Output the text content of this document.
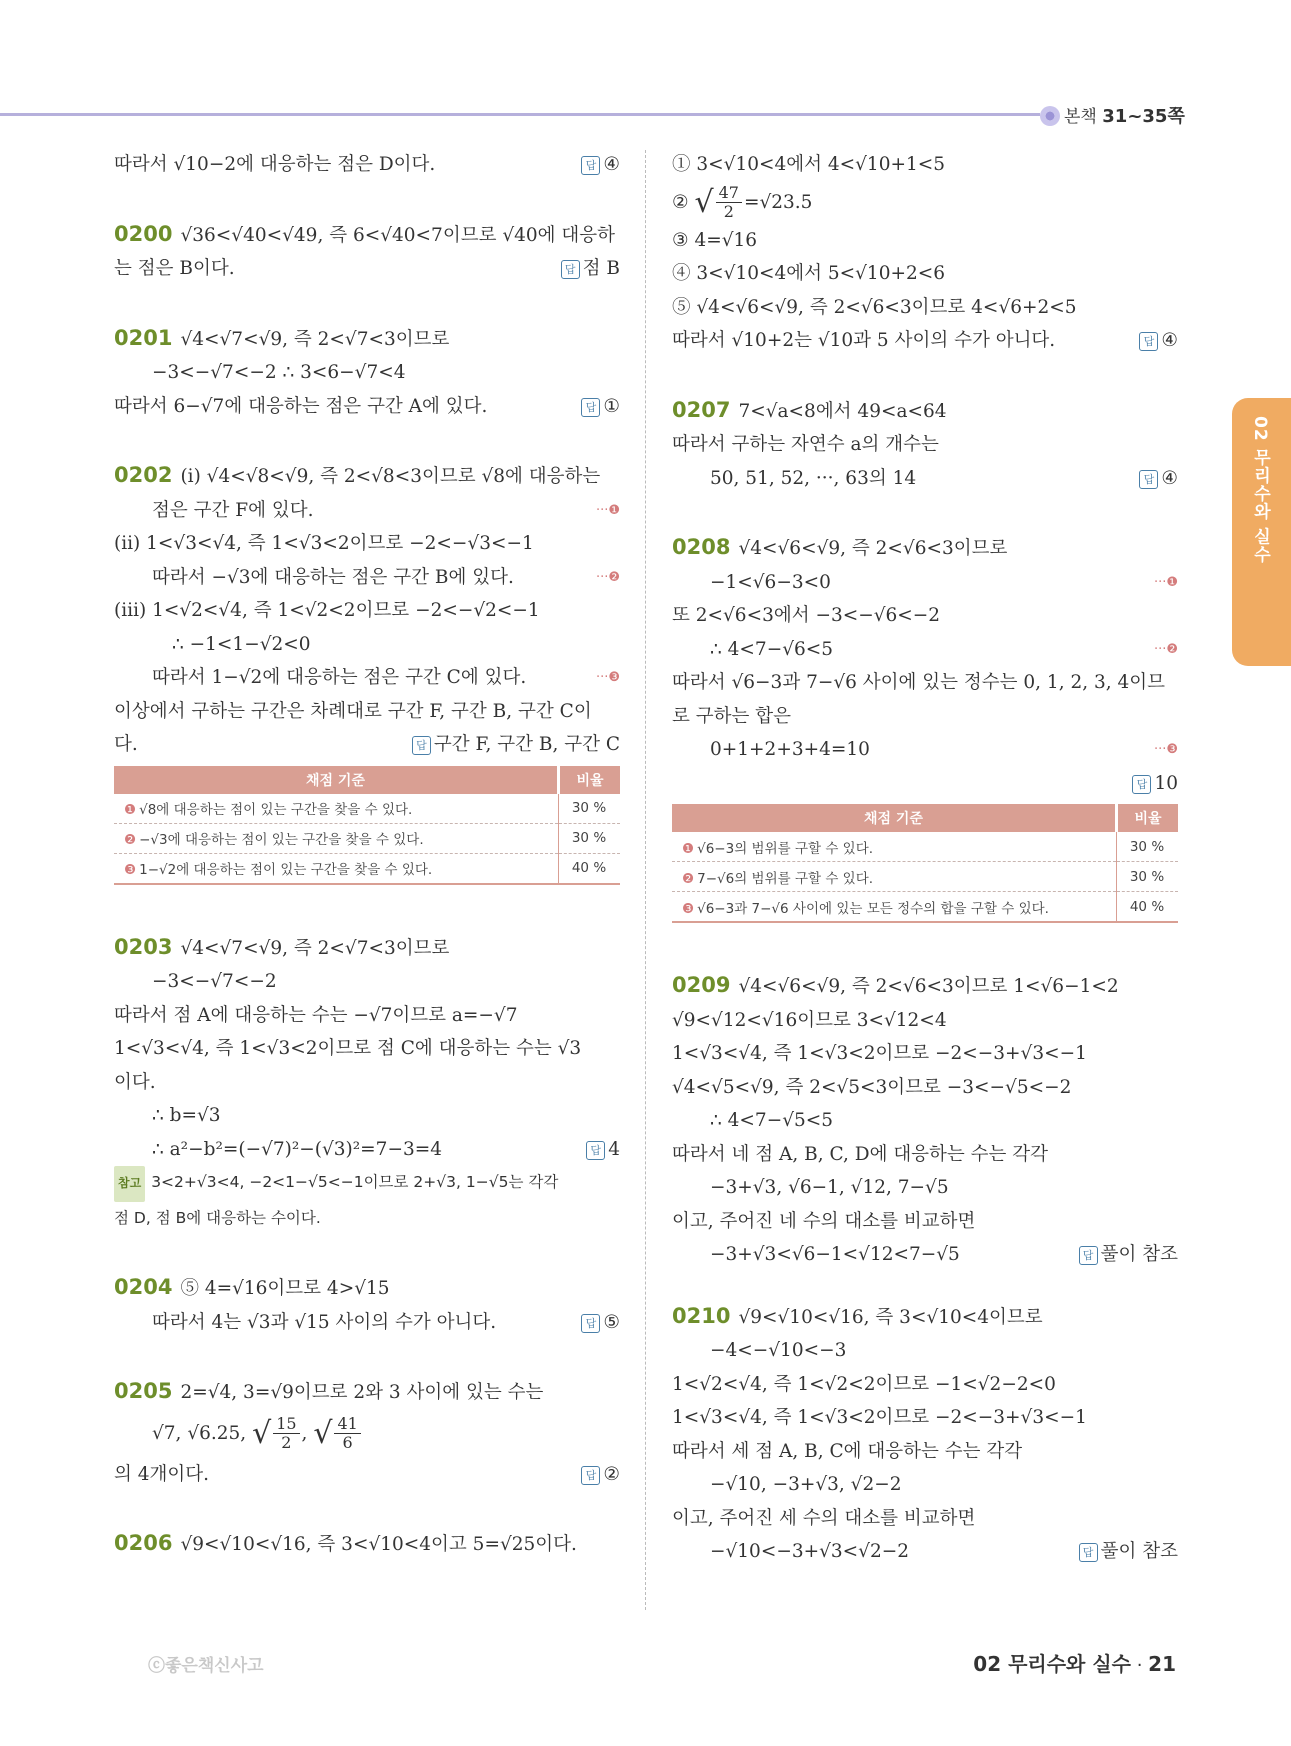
본책 31~35쪽
02 무리수와 실수
따라서 √10−2에 대응하는 점은 D이다.	답 ④
0200 √36<√40<√49, 즉 6<√40<7이므로 √40에 대응하
는 점은 B이다.	답 점 B
0201 √4<√7<√9, 즉 2<√7<3이므로
−3<−√7<−2 ∴ 3<6−√7<4
따라서 6−√7에 대응하는 점은 구간 A에 있다.	답 ①
0202 (ⅰ) √4<√8<√9, 즉 2<√8<3이므로 √8에 대응하는
점은 구간 F에 있다.	···❶
(ⅱ) 1<√3<√4, 즉 1<√3<2이므로 −2<−√3<−1
따라서 −√3에 대응하는 점은 구간 B에 있다.	···❷
(ⅲ) 1<√2<√4, 즉 1<√2<2이므로 −2<−√2<−1
∴ −1<1−√2<0
따라서 1−√2에 대응하는 점은 구간 C에 있다.	···❸
이상에서 구하는 구간은 차례대로 구간 F, 구간 B, 구간 C이
다.	답 구간 F, 구간 B, 구간 C
채점 기준	비율
❶ √8에 대응하는 점이 있는 구간을 찾을 수 있다.	30 %
❷ −√3에 대응하는 점이 있는 구간을 찾을 수 있다.	30 %
❸ 1−√2에 대응하는 점이 있는 구간을 찾을 수 있다.	40 %
0203 √4<√7<√9, 즉 2<√7<3이므로
−3<−√7<−2
따라서 점 A에 대응하는 수는 −√7이므로 a=−√7
1<√3<√4, 즉 1<√3<2이므로 점 C에 대응하는 수는 √3
이다.
∴ b=√3
∴ a²−b²=(−√7)²−(√3)²=7−3=4	답 4
참고 3<2+√3<4, −2<1−√5<−1이므로 2+√3, 1−√5는 각각
점 D, 점 B에 대응하는 수이다.
0204 ⑤ 4=√16이므로 4>√15
따라서 4는 √3과 √15 사이의 수가 아니다.	답 ⑤
0205 2=√4, 3=√9이므로 2와 3 사이에 있는 수는
√7, √6.25, √ $\frac{15}{2}$ , √ $\frac{41}{6}$
의 4개이다.	답 ②
0206 √9<√10<√16, 즉 3<√10<4이고 5=√25이다.
① 3<√10<4에서 4<√10+1<5
② √ $\frac{47}{2} =√23.5$
③ 4=√16
④ 3<√10<4에서 5<√10+2<6
⑤ √4<√6<√9, 즉 2<√6<3이므로 4<√6+2<5
따라서 √10+2는 √10과 5 사이의 수가 아니다.	답 ④
0207 7<√a<8에서 49<a<64
따라서 구하는 자연수 a의 개수는
50, 51, 52, ···, 63의 14	답 ④
0208 √4<√6<√9, 즉 2<√6<3이므로
−1<√6−3<0	···❶
또 2<√6<3에서 −3<−√6<−2
∴ 4<7−√6<5	···❷
따라서 √6−3과 7−√6 사이에 있는 정수는 0, 1, 2, 3, 4이므
로 구하는 합은
0+1+2+3+4=10	···❸
답 10

채점 기준	비율
❶ √6−3의 범위를 구할 수 있다.	30 %
❷ 7−√6의 범위를 구할 수 있다.	30 %
❸ √6−3과 7−√6 사이에 있는 모든 정수의 합을 구할 수 있다.	40 %
0209 √4<√6<√9, 즉 2<√6<3이므로 1<√6−1<2
√9<√12<√16이므로 3<√12<4
1<√3<√4, 즉 1<√3<2이므로 −2<−3+√3<−1
√4<√5<√9, 즉 2<√5<3이므로 −3<−√5<−2
∴ 4<7−√5<5
따라서 네 점 A, B, C, D에 대응하는 수는 각각
−3+√3, √6−1, √12, 7−√5
이고, 주어진 네 수의 대소를 비교하면
−3+√3<√6−1<√12<7−√5	답 풀이 참조
0210 √9<√10<√16, 즉 3<√10<4이므로
−4<−√10<−3
1<√2<√4, 즉 1<√2<2이므로 −1<√2−2<0
1<√3<√4, 즉 1<√3<2이므로 −2<−3+√3<−1
따라서 세 점 A, B, C에 대응하는 수는 각각
−√10, −3+√3, √2−2
이고, 주어진 세 수의 대소를 비교하면
−√10<−3+√3<√2−2	답 풀이 참조
ⓒ좋은책신사고	02 무리수와 실수 · 21
